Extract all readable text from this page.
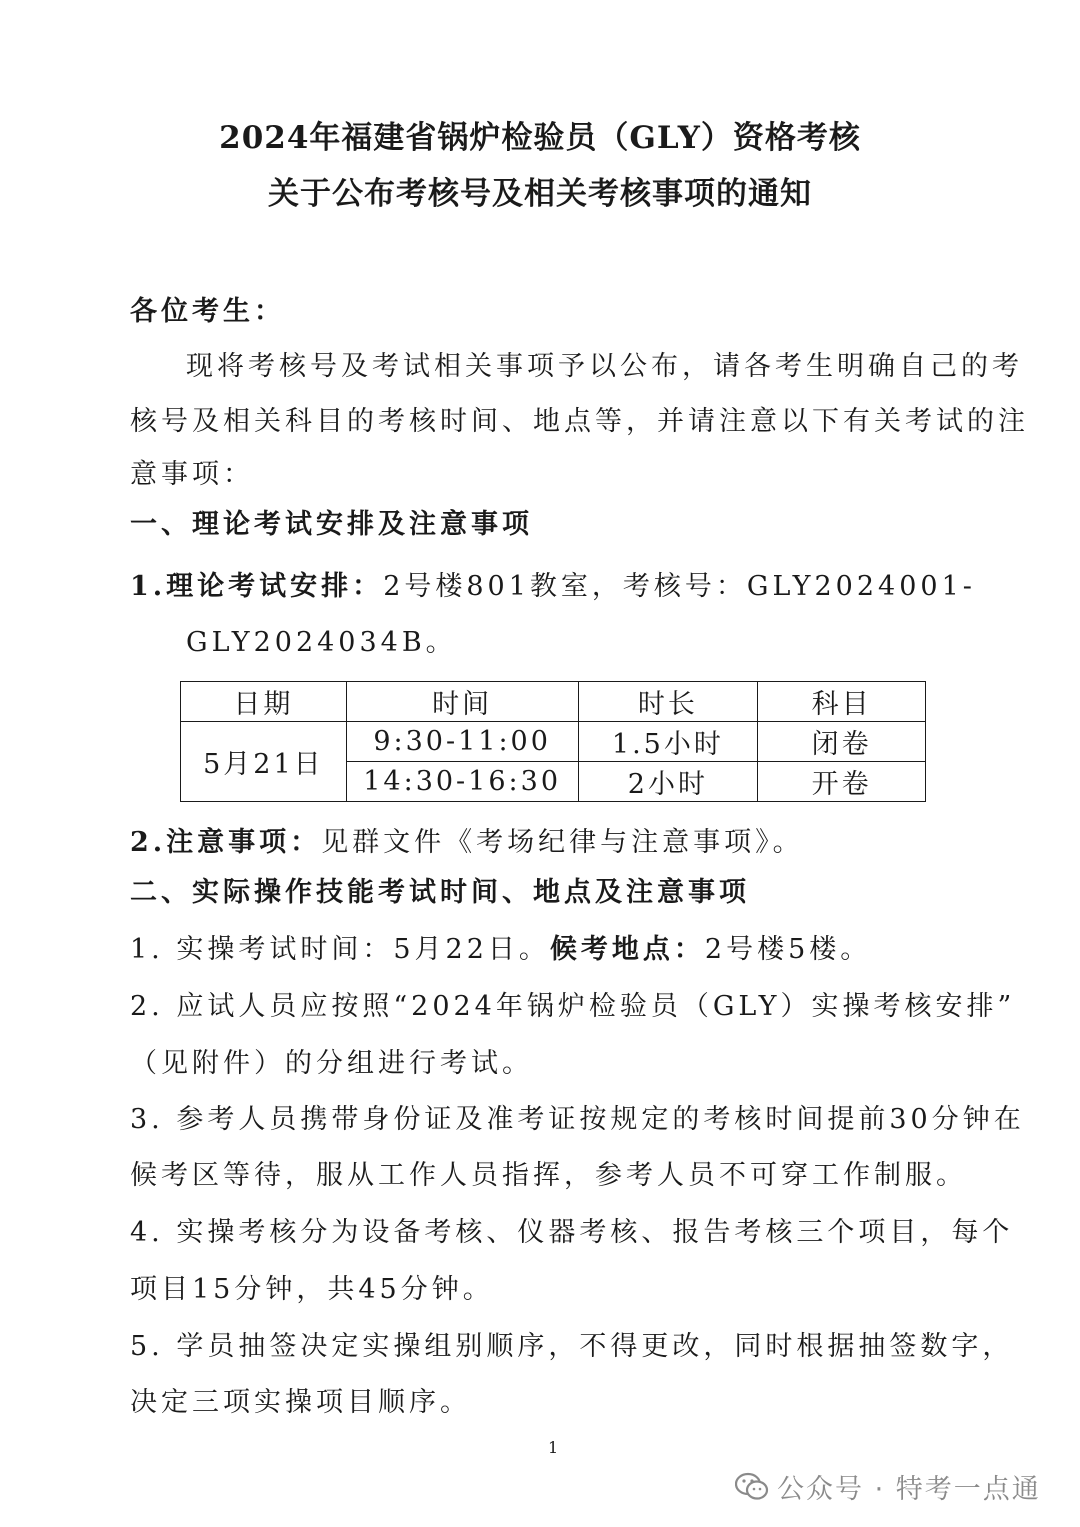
2024年福建省锅炉检验员（GLY）资格考核
关于公布考核号及相关考核事项的通知
各位考生：
现将考核号及考试相关事项予以公布，请各考生明确自己的考
核号及相关科目的考核时间、地点等，并请注意以下有关考试的注
意事项：
一、理论考试安排及注意事项
1.理论考试安排：2号楼801教室，考核号：GLY2024001-
GLY2024034B。
日期	时间	时长	科目
5月21日	9:30-11:00	1.5小时	闭卷
	14:30-16:30	2小时	开卷
2.注意事项：见群文件《考场纪律与注意事项》。
二、实际操作技能考试时间、地点及注意事项
1. 实操考试时间：5月22日。候考地点：2号楼5楼。
2. 应试人员应按照“2024年锅炉检验员（GLY）实操考核安排”
（见附件）的分组进行考试。
3. 参考人员携带身份证及准考证按规定的考核时间提前30分钟在
候考区等待，服从工作人员指挥，参考人员不可穿工作制服。
4. 实操考核分为设备考核、仪器考核、报告考核三个项目，每个
项目15分钟，共45分钟。
5. 学员抽签决定实操组别顺序，不得更改，同时根据抽签数字，
决定三项实操项目顺序。
1
公众号 · 特考一点通
